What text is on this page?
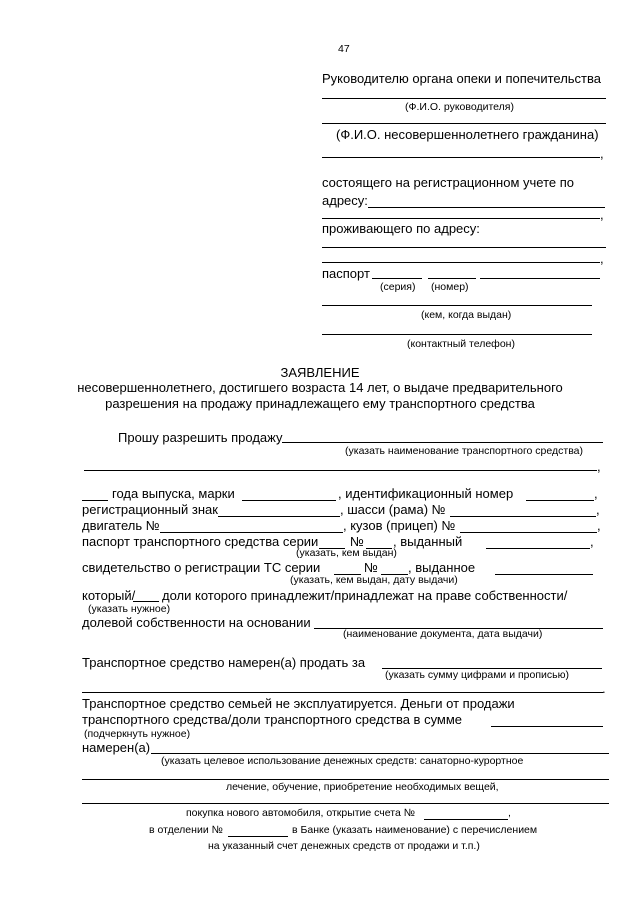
47
Руководителю органа опеки и попечительства
(Ф.И.О. руководителя)
(Ф.И.О. несовершеннолетнего гражданина)
,
состоящего на регистрационном учете по
адресу:
,
проживающего по адресу:
,
паспорт
(серия) (номер)
(кем, когда выдан)
(контактный телефон)
ЗАЯВЛЕНИЕ
несовершеннолетнего, достигшего возраста 14 лет, о выдаче предварительного
разрешения на продажу принадлежащего ему транспортного средства
Прошу разрешить продажу
(указать наименование транспортного средства)
,
года выпуска, марки	, идентификационный номер	,
регистрационный знак	, шасси (рама) №	,
двигатель №	, кузов (прицеп) №	,
паспорт транспортного средства серии № , выданный	,
(указать, кем выдан)
свидетельство о регистрации ТС серии	№ , выданное
(указать, кем выдан, дату выдачи)
который/ доли которого принадлежит/принадлежат на праве собственности/
(указать нужное)
долевой собственности на основании
(наименование документа, дата выдачи)
Транспортное средство намерен(а) продать за
(указать сумму цифрами и прописью)
.
Транспортное средство семьей не эксплуатируется. Деньги от продажи
транспортного средства/доли транспортного средства в сумме
(подчеркнуть нужное)
намерен(а)
(указать целевое использование денежных средств: санаторно-курортное
лечение, обучение, приобретение необходимых вещей,
покупка нового автомобиля, открытие счета №	,
в отделении №	в Банке (указать наименование) с перечислением
на указанный счет денежных средств от продажи и т.п.)
